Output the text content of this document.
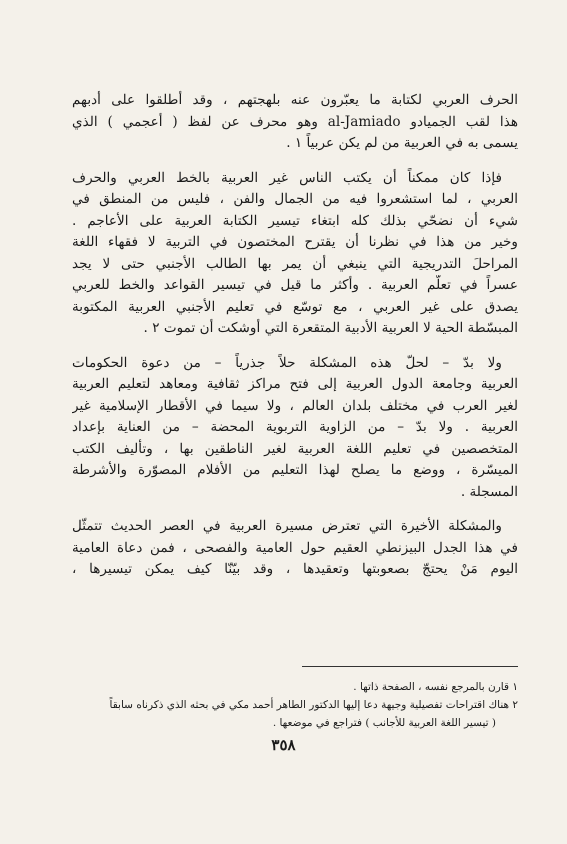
الحرف العربي لكتابة ما يعبّرون عنه بلهجتهم ، وقد أطلقوا على أدبهم
هذا لقب الجميادو al-Jamiado وهو محرف عن لفظ ( أعجمي ) الذي
يسمى به في العربية من لم يكن عربياً ١ .
فإذا كان ممكناً أن يكتب الناس غير العربية بالخط العربي والحرف
العربي ، لما استشعروا فيه من الجمال والفن ، فليس من المنطق في
شيء أن نضحّي بذلك كله ابتغاء تيسير الكتابة العربية على الأعاجم .
وخير من هذا في نظرنا أن يقترح المختصون في التربية لا فقهاء اللغة
المراحلَ التدريجية التي ينبغي أن يمر بها الطالب الأجنبي حتى لا يجد
عسراً في تعلّم العربية . وأكثر ما قيل في تيسير القواعد والخط للعربي
يصدق على غير العربي ، مع توسّع في تعليم الأجنبي العربية المكتوبة
المبسّطة الحية لا العربية الأدبية المتقعرة التي أوشكت أن تموت ٢ .
ولا بدّ – لحلّ هذه المشكلة حلاً جذرياً – من دعوة الحكومات
العربية وجامعة الدول العربية إلى فتح مراكز ثقافية ومعاهد لتعليم العربية
لغير العرب في مختلف بلدان العالم ، ولا سيما في الأقطار الإسلامية غير
العربية . ولا بدّ – من الزاوية التربوية المحضة – من العناية بإعداد
المتخصصين في تعليم اللغة العربية لغير الناطقين بها ، وتأليف الكتب
الميسّرة ، ووضع ما يصلح لهذا التعليم من الأفلام المصوّرة والأشرطة
المسجلة .
والمشكلة الأخيرة التي تعترض مسيرة العربية في العصر الحديث تتمثّل
في هذا الجدل البيزنطي العقيم حول العامية والفصحى ، فمن دعاة العامية
اليوم مَنْ يحتجّ بصعوبتها وتعقيدها ، وقد بيّنّا كيف يمكن تيسيرها ،
١ قارن بالمرجع نفسه ، الصفحة ذاتها .
٢ هناك اقتراحات تفصيلية وجيهة دعا إليها الدكتور الطاهر أحمد مكي في بحثه الذي ذكرناه سابقاً
( تيسير اللغة العربية للأجانب ) فتراجع في موضعها .
٣٥٨
